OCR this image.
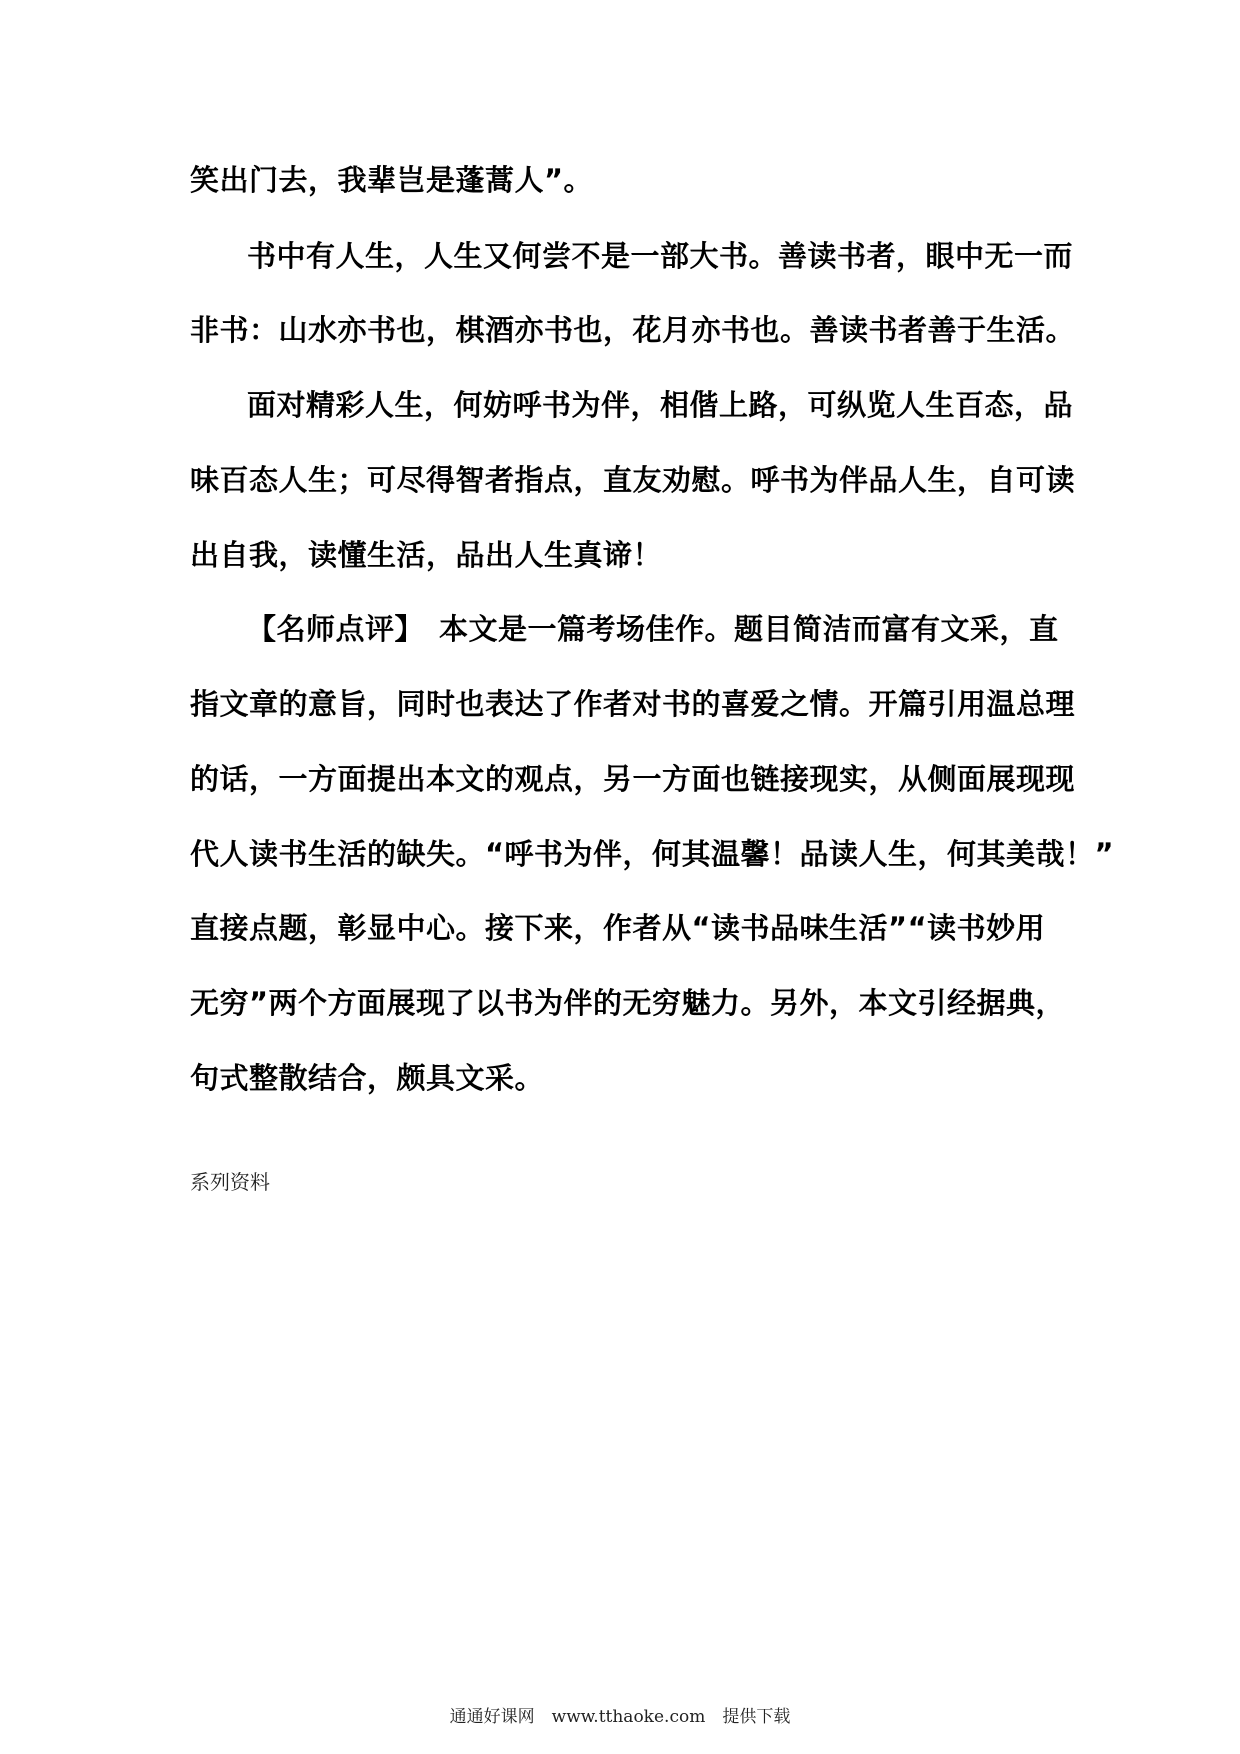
笑出门去，我辈岂是蓬蒿人”。
书中有人生，人生又何尝不是一部大书。善读书者，眼中无一而
非书：山水亦书也，棋酒亦书也，花月亦书也。善读书者善于生活。
面对精彩人生，何妨呼书为伴，相偕上路，可纵览人生百态，品
味百态人生；可尽得智者指点，直友劝慰。呼书为伴品人生，自可读
出自我，读懂生活，品出人生真谛！
【名师点评】　本文是一篇考场佳作。题目简洁而富有文采，直
指文章的意旨，同时也表达了作者对书的喜爱之情。开篇引用温总理
的话，一方面提出本文的观点，另一方面也链接现实，从侧面展现现
代人读书生活的缺失。“呼书为伴，何其温馨！品读人生，何其美哉！”
直接点题，彰显中心。接下来，作者从“读书品味生活”“读书妙用
无穷”两个方面展现了以书为伴的无穷魅力。另外，本文引经据典，
句式整散结合，颇具文采。
系列资料
通通好课网　www.tthaoke.com　提供下载
